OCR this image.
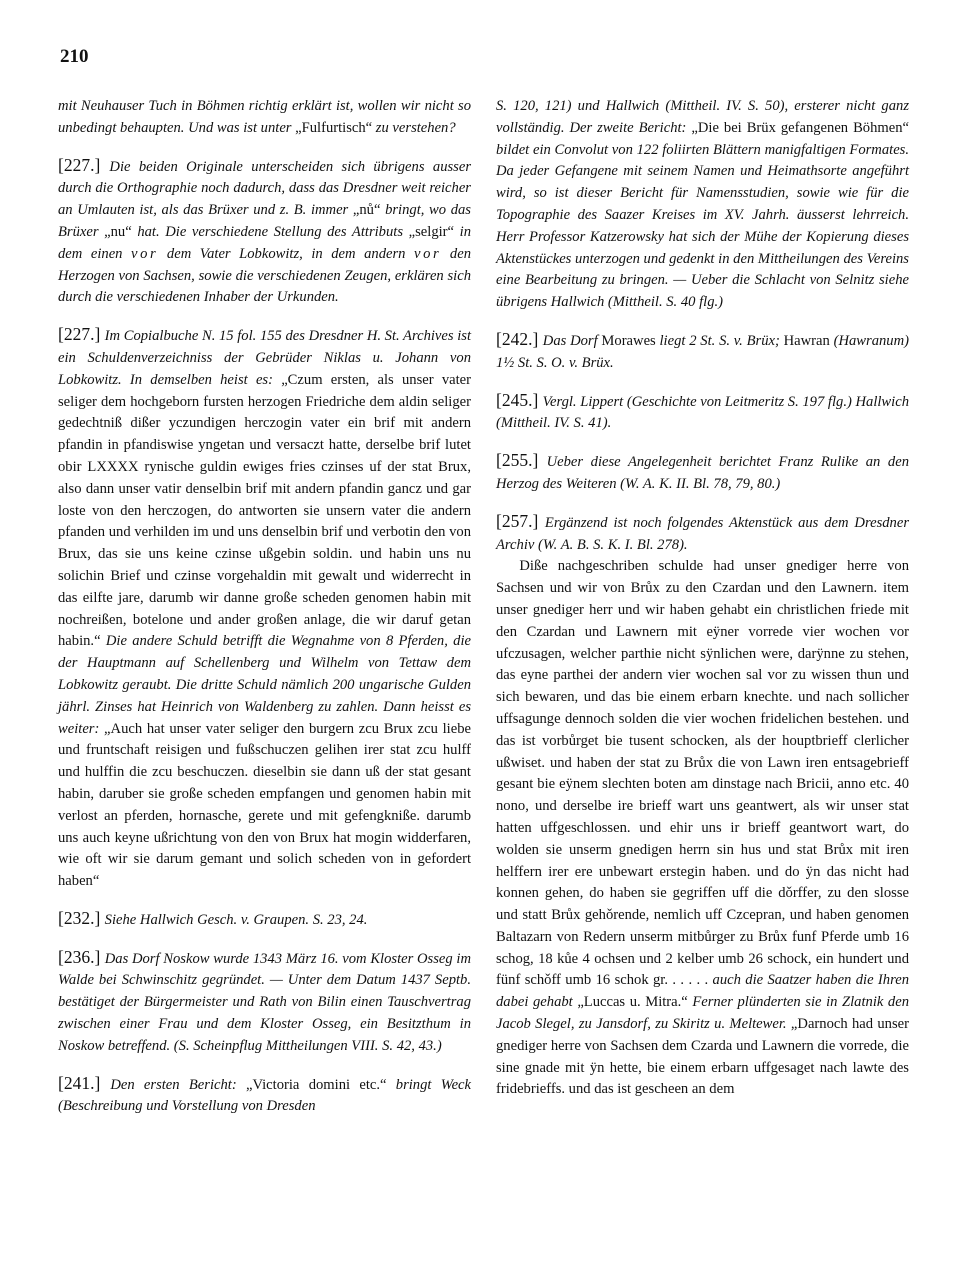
210

mit Neuhauser Tuch in Böhmen richtig erklärt ist, wollen wir nicht so unbedingt behaupten. Und was ist unter „Fulfurtisch“ zu verstehen?

[227.] Die beiden Originale unterscheiden sich übrigens ausser durch die Orthographie noch dadurch, dass das Dresdner weit reicher an Umlauten ist, als das Brüxer und z. B. immer „nů“ bringt, wo das Brüxer „nu“ hat. Die verschiedene Stellung des Attributs „selgir“ in dem einen vor dem Vater Lobkowitz, in dem andern vor den Herzogen von Sachsen, sowie die verschiedenen Zeugen, erklären sich durch die verschiedenen Inhaber der Urkunden.

[227.] Im Copialbuche N. 15 fol. 155 des Dresdner H. St. Archives ist ein Schuldenverzeichniss der Gebrüder Niklas u. Johann von Lobkowitz. In demselben heist es: „Czum ersten, als unser vater seliger dem hochgeborn fursten herzogen Friedriche dem aldin seliger gedechtniß dißer yczundigen herczogin vater ein brif mit andern pfandin in pfandiswise yngetan und versaczt hatte, derselbe brif lutet obir LXXXX rynische guldin ewiges fries czinses uf der stat Brux, also dann unser vatir denselbin brif mit andern pfandin gancz und gar loste von den herczogen, do antworten sie unsern vater die andern pfanden und verhilden im und uns denselbin brif und verbotin den von Brux, das sie uns keine czinse ußgebin soldin. und habin uns nu solichin Brief und czinse vorgehaldin mit gewalt und widerrecht in das eilfte jare, darumb wir danne große scheden genomen habin mit nochreißen, botelone und ander großen anlage, die wir daruf getan habin.“ Die andere Schuld betrifft die Wegnahme von 8 Pferden, die der Hauptmann auf Schellenberg und Wilhelm von Tettaw dem Lobkowitz geraubt. Die dritte Schuld nämlich 200 ungarische Gulden jährl. Zinses hat Heinrich von Waldenberg zu zahlen. Dann heisst es weiter: „Auch hat unser vater seliger den burgern zcu Brux zcu liebe und fruntschaft reisigen und fußschuczen gelihen irer stat zcu hulff und hulffin die zcu beschuczen. dieselbin sie dann uß der stat gesant habin, daruber sie große scheden empfangen und genomen habin mit verlost an pferden, hornasche, gerete und mit gefengkniße. darumb uns auch keyne ußrichtung von den von Brux hat mogin widderfaren, wie oft wir sie darum gemant und solich scheden von in gefordert haben“

[232.] Siehe Hallwich Gesch. v. Graupen. S. 23, 24.

[236.] Das Dorf Noskow wurde 1343 März 16. vom Kloster Osseg im Walde bei Schwinschitz gegründet. — Unter dem Datum 1437 Septb. bestätiget der Bürgermeister und Rath von Bilin einen Tauschvertrag zwischen einer Frau und dem Kloster Osseg, ein Besitzthum in Noskow betreffend. (S. Scheinpflug Mittheilungen VIII. S. 42, 43.)

[241.] Den ersten Bericht: „Victoria domini etc.“ bringt Weck (Beschreibung und Vorstellung von Dresden

S. 120, 121) und Hallwich (Mittheil. IV. S. 50), ersterer nicht ganz vollständig. Der zweite Bericht: „Die bei Brüx gefangenen Böhmen“ bildet ein Convolut von 122 foliirten Blättern manigfaltigen Formates. Da jeder Gefangene mit seinem Namen und Heimathsorte angeführt wird, so ist dieser Bericht für Namensstudien, sowie wie für die Topographie des Saazer Kreises im XV. Jahrh. äusserst lehrreich. Herr Professor Katzerowsky hat sich der Mühe der Kopierung dieses Aktenstückes unterzogen und gedenkt in den Mittheilungen des Vereins eine Bearbeitung zu bringen. — Ueber die Schlacht von Selnitz siehe übrigens Hallwich (Mittheil. S. 40 flg.)

[242.] Das Dorf Morawes liegt 2 St. S. v. Brüx; Hawran (Hawranum) 1½ St. S. O. v. Brüx.

[245.] Vergl. Lippert (Geschichte von Leitmeritz S. 197 flg.) Hallwich (Mittheil. IV. S. 41).

[255.] Ueber diese Angelegenheit berichtet Franz Rulike an den Herzog des Weiteren (W. A. K. II. Bl. 78, 79, 80.)

[257.] Ergänzend ist noch folgendes Aktenstück aus dem Dresdner Archiv (W. A. B. S. K. I. Bl. 278).

Diße nachgeschriben schulde had unser gnediger herre von Sachsen und wir von Brůx zu den Czardan und den Lawnern. item unser gnediger herr und wir haben gehabt ein christlichen friede mit den Czardan und Lawnern mit eÿner vorrede vier wochen vor ufczusagen, welcher parthie nicht sÿnlichen were, darÿnne zu stehen, das eyne parthei der andern vier wochen sal vor zu wissen thun und sich bewaren, und das bie einem erbarn knechte. und nach sollicher uffsagunge dennoch solden die vier wochen fridelichen bestehen. und das ist vorbůrget bie tusent schocken, als der houptbrieff clerlicher ußwiset. und haben der stat zu Brůx die von Lawn iren entsagebrieff gesant bie eÿnem slechten boten am dinstage nach Bricii, anno etc. 40 nono, und derselbe ire brieff wart uns geantwert, als wir unser stat hatten uffgeschlossen. und ehir uns ir brieff geantwort wart, do wolden sie unserm gnedigen herrn sin hus und stat Brůx mit iren helffern irer ere unbewart erstegin haben. und do ÿn das nicht had konnen gehen, do haben sie gegriffen uff die dǒrffer, zu den slosse und statt Brůx gehǒrende, nemlich uff Czcepran, und haben genomen Baltazarn von Redern unserm mitbůrger zu Brůx funf Pferde umb 16 schog, 18 kůe 4 ochsen und 2 kelber umb 26 schock, ein hundert und fünf schǒff umb 16 schok gr. . . . . . auch die Saatzer haben die Ihren dabei gehabt „Luccas u. Mitra.“ Ferner plünderten sie in Zlatnik den Jacob Slegel, zu Jansdorf, zu Skiritz u. Meltewer. „Darnoch had unser gnediger herre von Sachsen dem Czarda und Lawnern die vorrede, die sine gnade mit ÿn hette, bie einem erbarn uffgesaget nach lawte des fridebrieffs. und das ist gescheen an dem
